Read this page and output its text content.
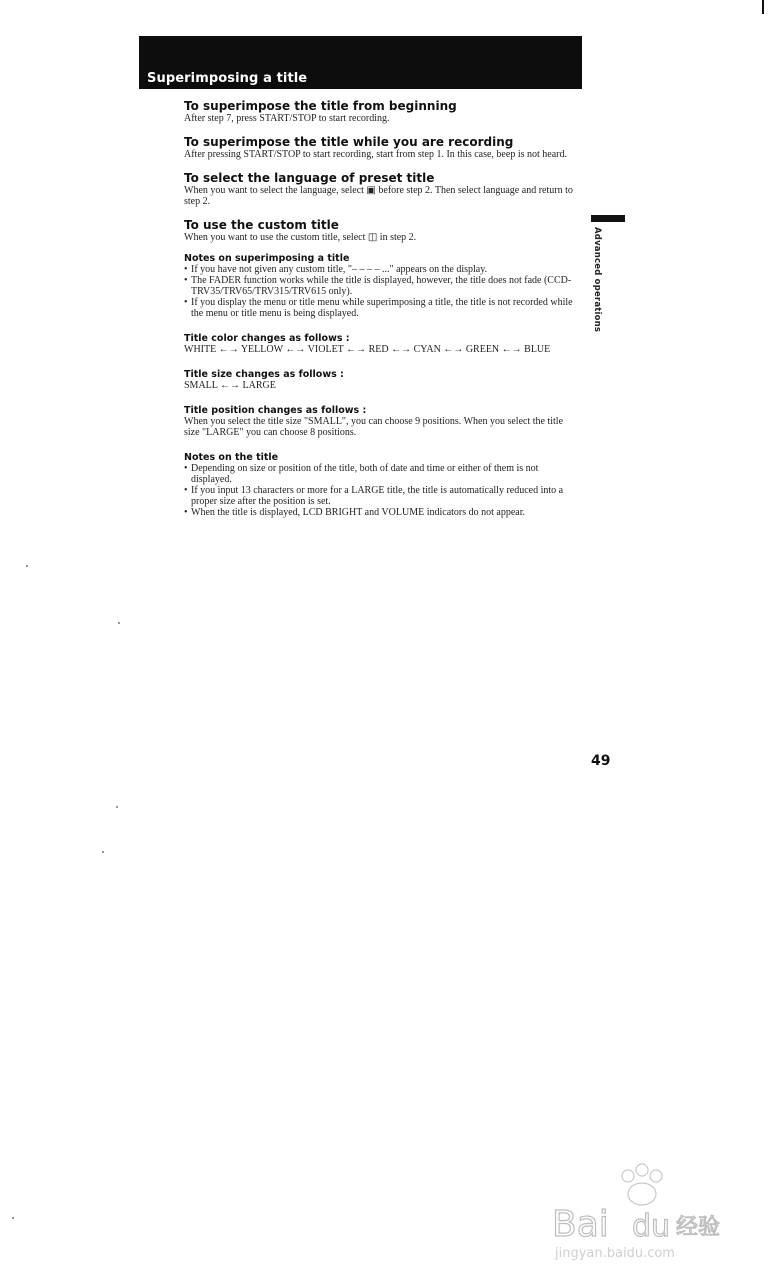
Superimposing a title
To superimpose the title from beginning

After step 7, press START/STOP to start recording.

To superimpose the title while you are recording

After pressing START/STOP to start recording, start from step 1. In this case, beep is not heard.

To select the language of preset title

When you want to select the language, select ▣ before step 2. Then select language and return to step 2.

To use the custom title

When you want to use the custom title, select ◫ in step 2.

Notes on superimposing a title
• If you have not given any custom title, "– – – – ..." appears on the display.
• The FADER function works while the title is displayed, however, the title does not fade (CCD-TRV35/TRV65/TRV315/TRV615 only).
• If you display the menu or title menu while superimposing a title, the title is not recorded while the menu or title menu is being displayed.
Title color changes as follows :

WHITE ←→ YELLOW ←→ VIOLET ←→ RED ←→ CYAN ←→ GREEN ←→ BLUE

Title size changes as follows :

SMALL ←→ LARGE

Title position changes as follows :

When you select the title size "SMALL", you can choose 9 positions. When you select the title size "LARGE" you can choose 8 positions.

Notes on the title
• Depending on size or position of the title, both of date and time or either of them is not displayed.
• If you input 13 characters or more for a LARGE title, the title is automatically reduced into a proper size after the position is set.
• When the title is displayed, LCD BRIGHT and VOLUME indicators do not appear.
Advanced operations
49
Bai du 经验
jingyan.baidu.com
